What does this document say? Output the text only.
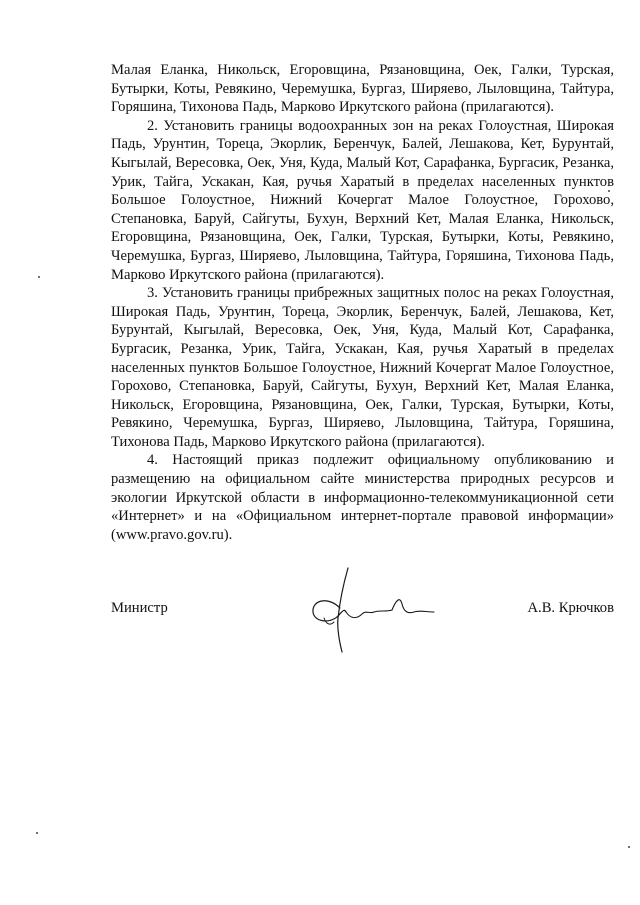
Малая Еланка, Никольск, Егоровщина, Рязановщина, Оек, Галки, Турская, Бутырки, Коты, Ревякино, Черемушка, Бургаз, Ширяево, Лыловщина, Тайтура, Горяшина, Тихонова Падь, Марково Иркутского района (прилагаются).

2. Установить границы водоохранных зон на реках Голоустная, Широкая Падь, Урунтин, Тореца, Экорлик, Беренчук, Балей, Лешакова, Кет, Бурунтай, Кыгылай, Вересовка, Оек, Уня, Куда, Малый Кот, Сарафанка, Бургасик, Резанка, Урик, Тайга, Ускакан, Кая, ручья Харатый в пределах населенных пунктов Большое Голоустное, Нижний Кочергат Малое Голоустное, Горохово, Степановка, Баруй, Сайгуты, Бухун, Верхний Кет, Малая Еланка, Никольск, Егоровщина, Рязановщина, Оек, Галки, Турская, Бутырки, Коты, Ревякино, Черемушка, Бургаз, Ширяево, Лыловщина, Тайтура, Горяшина, Тихонова Падь, Марково Иркутского района (прилагаются).

3. Установить границы прибрежных защитных полос на реках Голоустная, Широкая Падь, Урунтин, Тореца, Экорлик, Беренчук, Балей, Лешакова, Кет, Бурунтай, Кыгылай, Вересовка, Оек, Уня, Куда, Малый Кот, Сарафанка, Бургасик, Резанка, Урик, Тайга, Ускакан, Кая, ручья Харатый в пределах населенных пунктов Большое Голоустное, Нижний Кочергат Малое Голоустное, Горохово, Степановка, Баруй, Сайгуты, Бухун, Верхний Кет, Малая Еланка, Никольск, Егоровщина, Рязановщина, Оек, Галки, Турская, Бутырки, Коты, Ревякино, Черемушка, Бургаз, Ширяево, Лыловщина, Тайтура, Горяшина, Тихонова Падь, Марково Иркутского района (прилагаются).

4. Настоящий приказ подлежит официальному опубликованию и размещению на официальном сайте министерства природных ресурсов и экологии Иркутской области в информационно-телекоммуникационной сети «Интернет» и на «Официальном интернет-портале правовой информации» (www.pravo.gov.ru).

Министр	А.В. Крючков
